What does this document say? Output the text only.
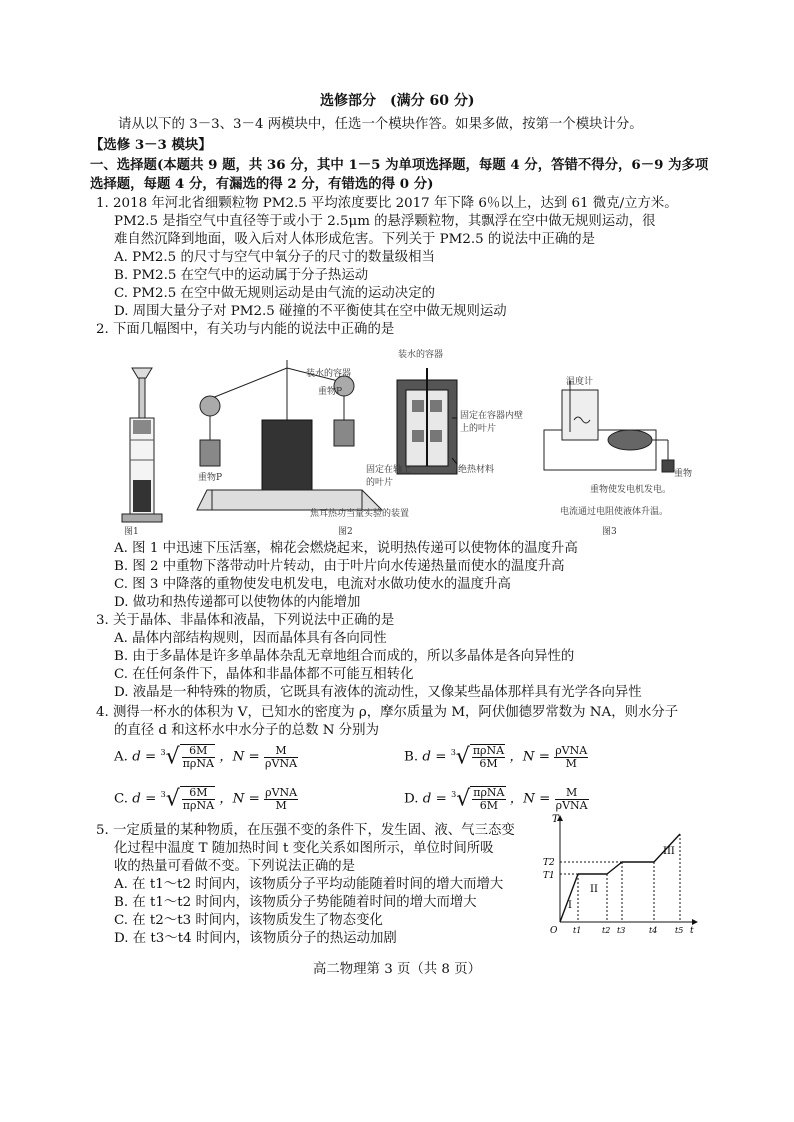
选修部分　(满分 60 分)
请从以下的 3－3、3－4 两模块中，任选一个模块作答。如果多做，按第一个模块计分。
【选修 3－3 模块】
一、选择题(本题共 9 题，共 36 分，其中 1－5 为单项选择题，每题 4 分，答错不得分，6－9 为多项
选择题，每题 4 分，有漏选的得 2 分，有错选的得 0 分)
1. 2018 年河北省细颗粒物 PM2.5 平均浓度要比 2017 年下降 6％以上，达到 61 微克/立方米。
PM2.5 是指空气中直径等于或小于 2.5μm 的悬浮颗粒物，其飘浮在空中做无规则运动，很
难自然沉降到地面，吸入后对人体形成危害。下列关于 PM2.5 的说法中正确的是
A. PM2.5 的尺寸与空气中氧分子的尺寸的数量级相当
B. PM2.5 在空气中的运动属于分子热运动
C. PM2.5 在空中做无规则运动是由气流的运动决定的
D. 周围大量分子对 PM2.5 碰撞的不平衡使其在空中做无规则运动
2. 下面几幅图中，有关功与内能的说法中正确的是
装水的容器
装水的容器
重物P
重物P
固定在容器内壁上的叶片
固定在轴上的叶片
绝热材料
温度计
重物
焦耳热功当量实验的装置
重物使发电机发电。
电流通过电阻使液体升温。
图1	图2	图3
A. 图 1 中迅速下压活塞，棉花会燃烧起来，说明热传递可以使物体的温度升高
B. 图 2 中重物下落带动叶片转动，由于叶片向水传递热量而使水的温度升高
C. 图 3 中降落的重物使发电机发电，电流对水做功使水的温度升高
D. 做功和热传递都可以使物体的内能增加
3. 关于晶体、非晶体和液晶，下列说法中正确的是
A. 晶体内部结构规则，因而晶体具有各向同性
B. 由于多晶体是许多单晶体杂乱无章地组合而成的，所以多晶体是各向异性的
C. 在任何条件下，晶体和非晶体都不可能互相转化
D. 液晶是一种特殊的物质，它既具有液体的流动性，又像某些晶体那样具有光学各向异性
4. 测得一杯水的体积为 V，已知水的密度为 ρ，摩尔质量为 M，阿伏伽德罗常数为 NA，则水分子
的直径 d 和这杯水中水分子的总数 N 分别为
A. $d = ^3√ \frac{6M}{\text{πρNA}}$ ，$N = \frac{M}{\text{ρVNA}}$	B. $d = ^3√ \frac{\text{πρNA}}{6M}$ ，$N = \frac{\text{ρVNA}}{M}$
C. $d = ^3√ \frac{6M}{\text{πρNA}}$ ，$N = \frac{\text{ρVNA}}{M}$	D. $d = ^3√ \frac{\text{πρNA}}{6M}$ ，$N = \frac{M}{\text{ρVNA}}$
5. 一定质量的某种物质，在压强不变的条件下，发生固、液、气三态变
化过程中温度 T 随加热时间 t 变化关系如图所示，单位时间所吸
收的热量可看做不变。下列说法正确的是
A. 在 t1～t2 时间内，该物质分子平均动能随着时间的增大而增大
B. 在 t1～t2 时间内，该物质分子势能随着时间的增大而增大
C. 在 t2～t3 时间内，该物质发生了物态变化
D. 在 t3～t4 时间内，该物质分子的热运动加剧
T
T2
T1
O	t
t1	t2 t3	t4 t5
I
II
III
高二物理第 3 页（共 8 页）
